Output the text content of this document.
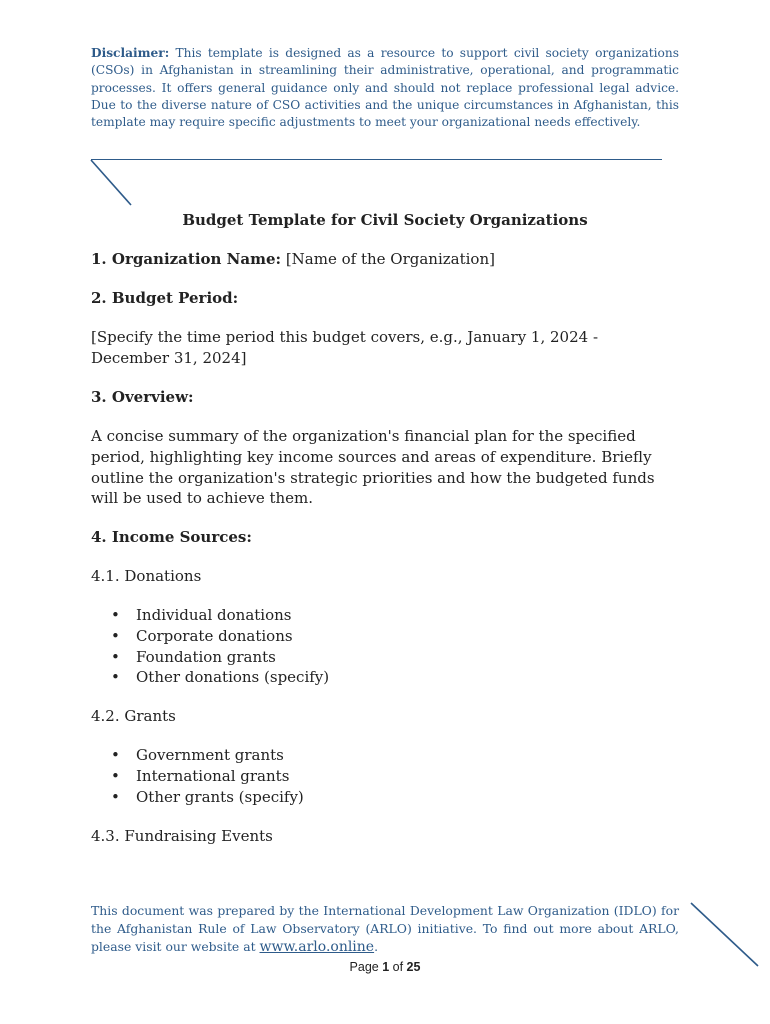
Disclaimer: This template is designed as a resource to support civil society organizations (CSOs) in Afghanistan in streamlining their administrative, operational, and programmatic processes. It offers general guidance only and should not replace professional legal advice. Due to the diverse nature of CSO activities and the unique circumstances in Afghanistan, this template may require specific adjustments to meet your organizational needs effectively.

Budget Template for Civil Society Organizations

1. Organization Name: [Name of the Organization]

2. Budget Period:

[Specify the time period this budget covers, e.g., January 1, 2024 - December 31, 2024]

3. Overview:

A concise summary of the organization's financial plan for the specified period, highlighting key income sources and areas of expenditure. Briefly outline the organization's strategic priorities and how the budgeted funds will be used to achieve them.

4. Income Sources:

4.1. Donations

• Individual donations
• Corporate donations
• Foundation grants
• Other donations (specify)

4.2. Grants

• Government grants
• International grants
• Other grants (specify)

4.3. Fundraising Events

This document was prepared by the International Development Law Organization (IDLO) for the Afghanistan Rule of Law Observatory (ARLO) initiative. To find out more about ARLO, please visit our website at www.arlo.online.

Page 1 of 25
